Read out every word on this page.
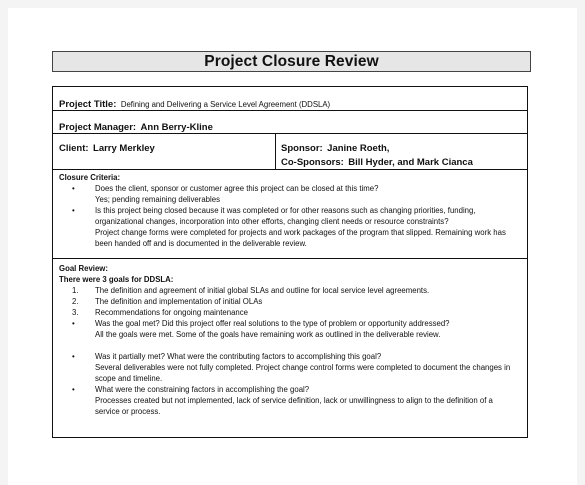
Project Closure Review
Project Title: Defining and Delivering a Service Level Agreement (DDSLA)
Project Manager: Ann Berry-Kline
Client: Larry Merkley	Sponsor: Janine Roeth,
Co-Sponsors: Bill Hyder, and Mark Cianca
Closure Criteria:
•	Does the client, sponsor or customer agree this project can be closed at this time?
Yes; pending remaining deliverables
•	Is this project being closed because it was completed or for other reasons such as changing priorities, funding,
organizational changes, incorporation into other efforts, changing client needs or resource constraints?
Project change forms were completed for projects and work packages of the program that slipped. Remaining work has
been handed off and is documented in the deliverable review.
Goal Review:
There were 3 goals for DDSLA:
1. The definition and agreement of initial global SLAs and outline for local service level agreements.
2. The definition and implementation of initial OLAs
3. Recommendations for ongoing maintenance
•	Was the goal met? Did this project offer real solutions to the type of problem or opportunity addressed?
All the goals were met. Some of the goals have remaining work as outlined in the deliverable review.
•	Was it partially met? What were the contributing factors to accomplishing this goal?
Several deliverables were not fully completed. Project change control forms were completed to document the changes in
scope and timeline.
•	What were the constraining factors in accomplishing the goal?
Processes created but not implemented, lack of service definition, lack or unwillingness to align to the definition of a
service or process.
